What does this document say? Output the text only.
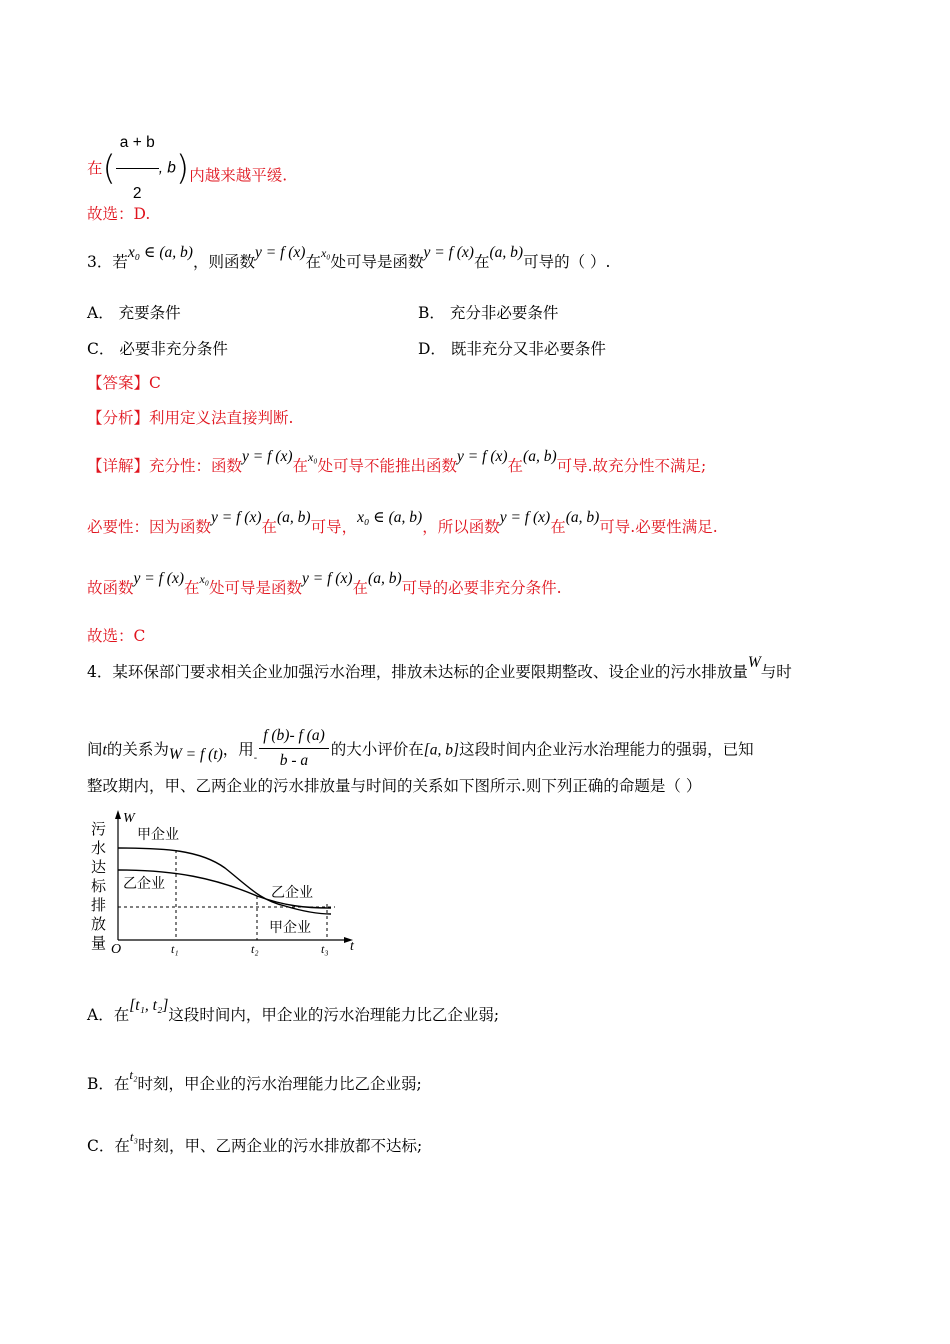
在( $\frac{a + b}{2}$ , b)内越来越平缓.
故选：D.
3．若x₀ ∈ (a, b)，则函数y = f (x)在$^{x_0}$处可导是函数y = f (x)在(a, b)可导的（ ）.
A． 充要条件	B． 充分非必要条件
C． 必要非充分条件	D． 既非充分又非必要条件
【答案】C
【分析】利用定义法直接判断.
【详解】充分性：函数y = f (x)在$^{x_0}$处可导不能推出函数y = f (x)在(a, b)可导.故充分性不满足;
必要性：因为函数y = f (x)在(a, b)可导，x₀ ∈ (a, b)，所以函数y = f (x)在(a, b)可导.必要性满足.
故函数y = f (x)在$^{x_0}$处可导是函数y = f (x)在(a, b)可导的必要非充分条件.
故选：C
4．某环保部门要求相关企业加强污水治理，排放未达标的企业要限期整改、设企业的污水排放量W与时
间t的关系为W = f (t)，用$_- \frac{f (b)- f (a)}{b - a}$ 的大小评价在[a, b]这段时间内企业污水治理能力的强弱，已知
整改期内，甲、乙两企业的污水排放量与时间的关系如下图所示.则下列正确的命题是（ ）
污
水
达
标
排
放
量
W
O	t
t₁	t₂	t₃
甲企业
乙企业
乙企业
甲企业
A．在[t₁, t₂]这段时间内，甲企业的污水治理能力比乙企业弱;
B．在$^{t_2}$时刻，甲企业的污水治理能力比乙企业弱;
C．在$^{t_3}$时刻，甲、乙两企业的污水排放都不达标;
